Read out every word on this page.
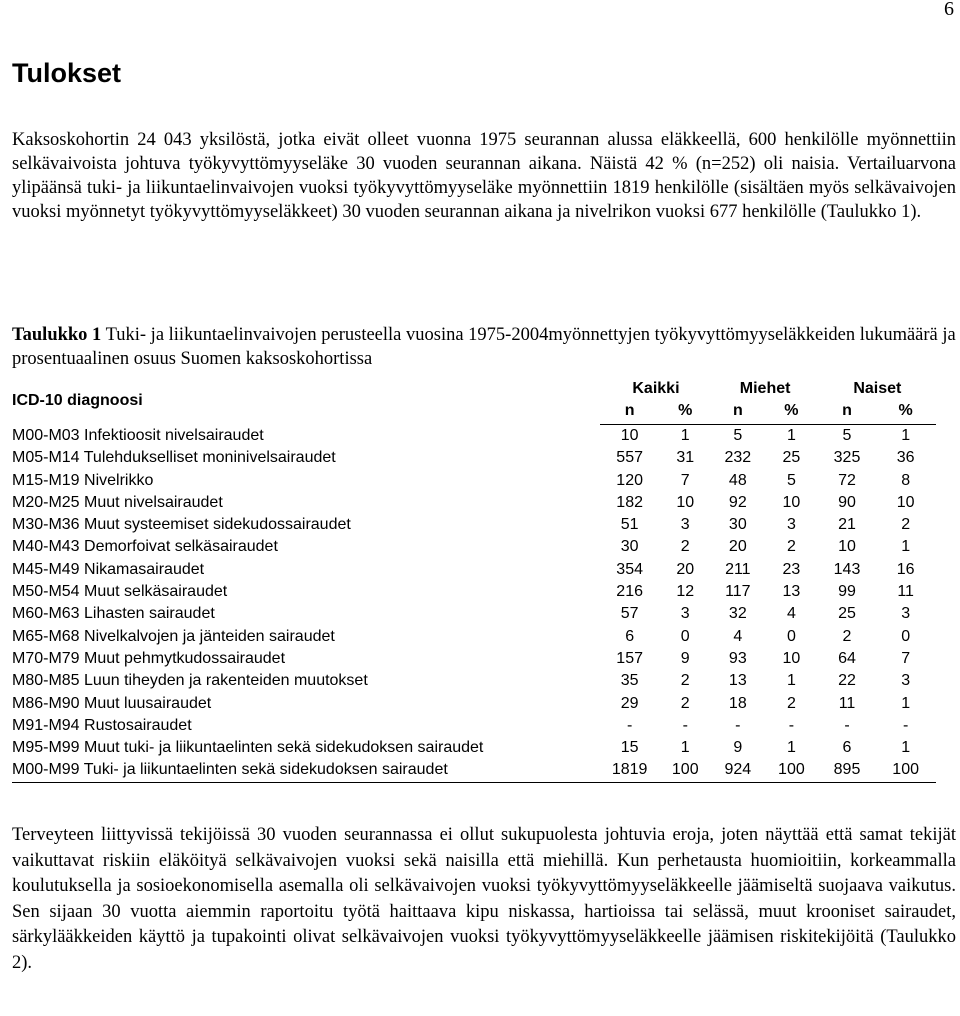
6
Tulokset

Kaksoskohortin 24 043 yksilöstä, jotka eivät olleet vuonna 1975 seurannan alussa eläkkeellä, 600 henkilölle myönnettiin selkävaivoista johtuva työkyvyttömyyseläke 30 vuoden seurannan aikana. Näistä 42 % (n=252) oli naisia. Vertailuarvona ylipäänsä tuki- ja liikuntaelinvaivojen vuoksi työkyvyttömyyseläke myönnettiin 1819 henkilölle (sisältäen myös selkävaivojen vuoksi myönnetyt työkyvyttömyyseläkkeet) 30 vuoden seurannan aikana ja nivelrikon vuoksi 677 henkilölle (Taulukko 1).

Taulukko 1 Tuki- ja liikuntaelinvaivojen perusteella vuosina 1975-2004myönnettyjen työkyvyttömyyseläkkeiden lukumäärä ja prosentuaalinen osuus Suomen kaksoskohortissa

ICD-10 diagnoosi	Kaikki		Miehet		Naiset	
	n	%	n	%	n	%
M00-M03 Infektioosit nivelsairaudet	10	1	5	1	5	1
M05-M14 Tulehdukselliset moninivelsairaudet	557	31	232	25	325	36
M15-M19 Nivelrikko	120	7	48	5	72	8
M20-M25 Muut nivelsairaudet	182	10	92	10	90	10
M30-M36 Muut systeemiset sidekudossairaudet	51	3	30	3	21	2
M40-M43 Demorfoivat selkäsairaudet	30	2	20	2	10	1
M45-M49 Nikamasairaudet	354	20	211	23	143	16
M50-M54 Muut selkäsairaudet	216	12	117	13	99	11
M60-M63 Lihasten sairaudet	57	3	32	4	25	3
M65-M68 Nivelkalvojen ja jänteiden sairaudet	6	0	4	0	2	0
M70-M79 Muut pehmytkudossairaudet	157	9	93	10	64	7
M80-M85 Luun tiheyden ja rakenteiden muutokset	35	2	13	1	22	3
M86-M90 Muut luusairaudet	29	2	18	2	11	1
M91-M94 Rustosairaudet	-	-	-	-	-	-
M95-M99 Muut tuki- ja liikuntaelinten sekä sidekudoksen sairaudet	15	1	9	1	6	1
M00-M99 Tuki- ja liikuntaelinten sekä sidekudoksen sairaudet	1819	100	924	100	895	100

Terveyteen liittyvissä tekijöissä 30 vuoden seurannassa ei ollut sukupuolesta johtuvia eroja, joten näyttää että samat tekijät vaikuttavat riskiin eläköityä selkävaivojen vuoksi sekä naisilla että miehillä. Kun perhetausta huomioitiin, korkeammalla koulutuksella ja sosioekonomisella asemalla oli selkävaivojen vuoksi työkyvyttömyyseläkkeelle jäämiseltä suojaava vaikutus. Sen sijaan 30 vuotta aiemmin raportoitu työtä haittaava kipu niskassa, hartioissa tai selässä, muut krooniset sairaudet, särkylääkkeiden käyttö ja tupakointi olivat selkävaivojen vuoksi työkyvyttömyyseläkkeelle jäämisen riskitekijöitä (Taulukko 2).
